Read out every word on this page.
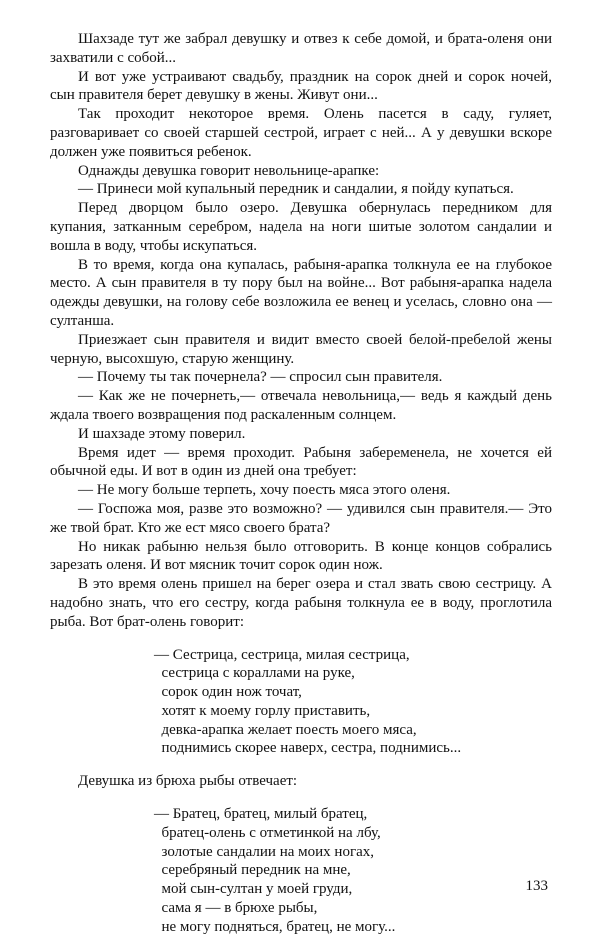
Шахзаде тут же забрал девушку и отвез к себе домой, и брата-оленя они захватили с собой...

И вот уже устраивают свадьбу, праздник на сорок дней и сорок ночей, сын правителя берет девушку в жены. Живут они...

Так проходит некоторое время. Олень пасется в саду, гуляет, разговаривает со своей старшей сестрой, играет с ней... А у девушки вскоре должен уже появиться ребенок.

Однажды девушка говорит невольнице-арапке:

— Принеси мой купальный передник и сандалии, я пойду купаться.

Перед дворцом было озеро. Девушка обернулась передником для купания, затканным серебром, надела на ноги шитые золотом сандалии и вошла в воду, чтобы искупаться.

В то время, когда она купалась, рабыня-арапка толкнула ее на глубокое место. А сын правителя в ту пору был на войне... Вот рабыня-арапка надела одежды девушки, на голову себе возложила ее венец и уселась, словно она — султанша.

Приезжает сын правителя и видит вместо своей белой-пребелой жены черную, высохшую, старую женщину.

— Почему ты так почернела? — спросил сын правителя.

— Как же не почернеть,— отвечала невольница,— ведь я каждый день ждала твоего возвращения под раскаленным солнцем.

И шахзаде этому поверил.

Время идет — время проходит. Рабыня забеременела, не хочется ей обычной еды. И вот в один из дней она требует:

— Не могу больше терпеть, хочу поесть мяса этого оленя.

— Госпожа моя, разве это возможно? — удивился сын правителя.— Это же твой брат. Кто же ест мясо своего брата?

Но никак рабыню нельзя было отговорить. В конце концов собрались зарезать оленя. И вот мясник точит сорок один нож.

В это время олень пришел на берег озера и стал звать свою сестрицу. А надобно знать, что его сестру, когда рабыня толкнула ее в воду, проглотила рыба. Вот брат-олень говорит:

— Сестрица, сестрица, милая сестрица,
сестрица с кораллами на руке,
сорок один нож точат,
хотят к моему горлу приставить,
девка-арапка желает поесть моего мяса,
поднимись скорее наверх, сестра, поднимись...

Девушка из брюха рыбы отвечает:

— Братец, братец, милый братец,
братец-олень с отметинкой на лбу,
золотые сандалии на моих ногах,
серебряный передник на мне,
мой сын-султан у моей груди,
сама я — в брюхе рыбы,
не могу подняться, братец, не могу...
133
